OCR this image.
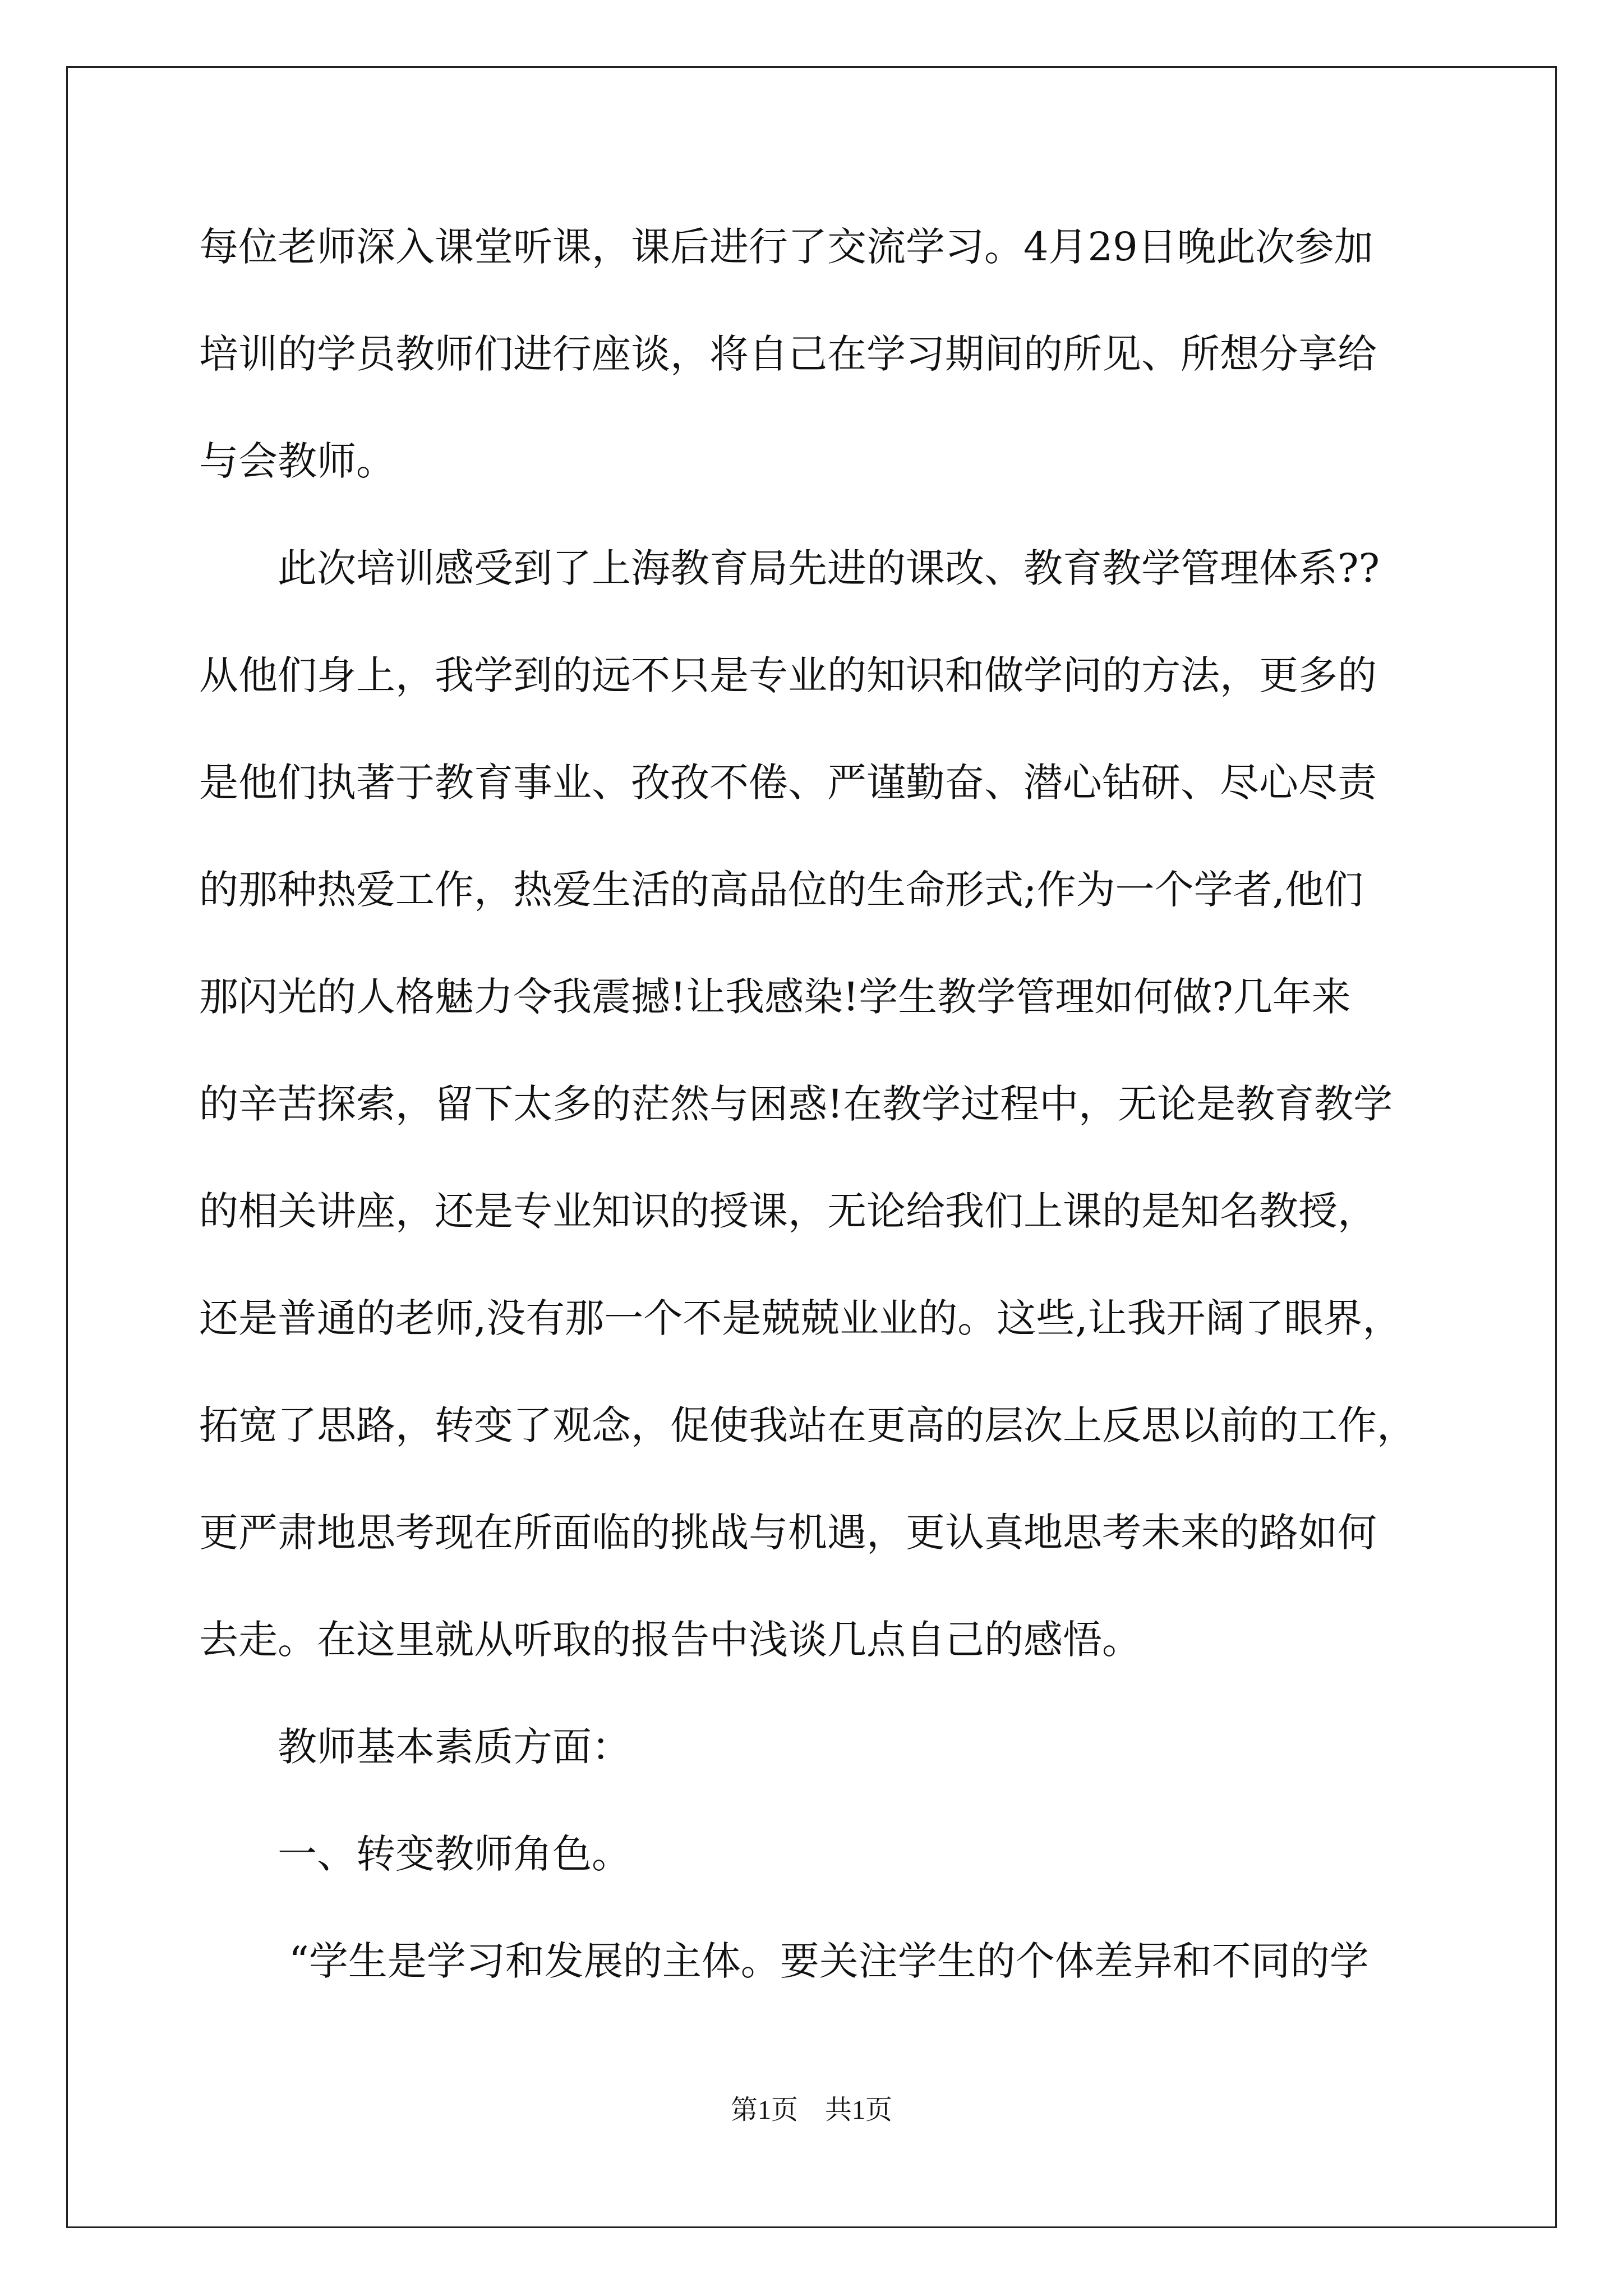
每位老师深入课堂听课，课后进行了交流学习。4月29日晚此次参加
培训的学员教师们进行座谈，将自己在学习期间的所见、所想分享给
与会教师。
此次培训感受到了上海教育局先进的课改、教育教学管理体系??
从他们身上，我学到的远不只是专业的知识和做学问的方法，更多的
是他们执著于教育事业、孜孜不倦、严谨勤奋、潜心钻研、尽心尽责
的那种热爱工作，热爱生活的高品位的生命形式;作为一个学者,他们
那闪光的人格魅力令我震撼!让我感染!学生教学管理如何做?几年来
的辛苦探索，留下太多的茫然与困惑!在教学过程中，无论是教育教学
的相关讲座，还是专业知识的授课，无论给我们上课的是知名教授，
还是普通的老师,没有那一个不是兢兢业业的。这些,让我开阔了眼界，
拓宽了思路，转变了观念，促使我站在更高的层次上反思以前的工作，
更严肃地思考现在所面临的挑战与机遇，更认真地思考未来的路如何
去走。在这里就从听取的报告中浅谈几点自己的感悟。
教师基本素质方面：
一、转变教师角色。
“学生是学习和发展的主体。要关注学生的个体差异和不同的学
第1页　共1页
